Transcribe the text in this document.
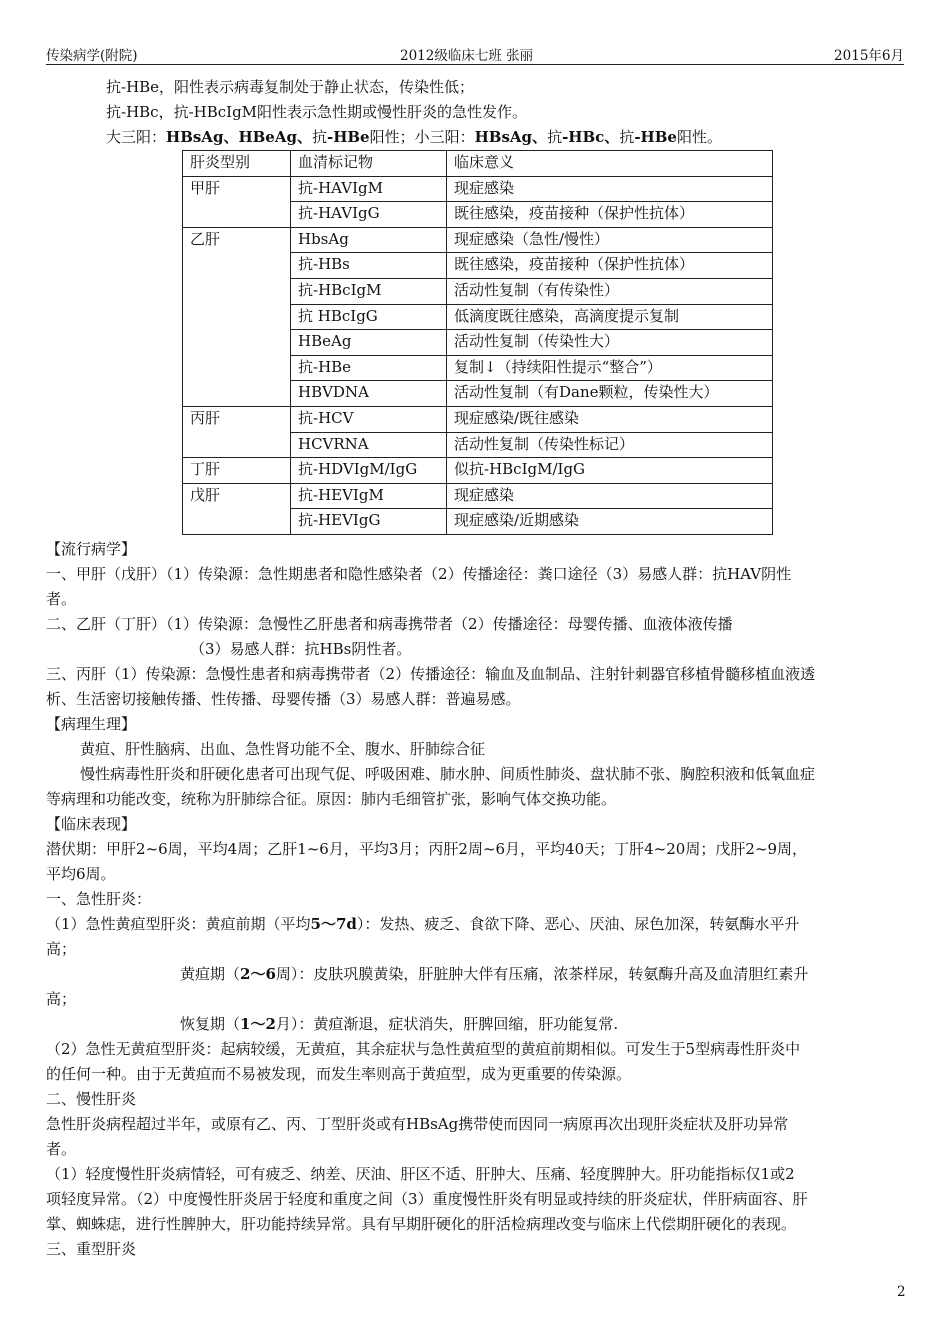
传染病学(附院)	2012级临床七班 张丽	2015年6月
抗-HBe，阳性表示病毒复制处于静止状态，传染性低；
抗-HBc，抗-HBcIgM阳性表示急性期或慢性肝炎的急性发作。
大三阳：HBsAg、HBeAg、抗-HBe阳性；小三阳：HBsAg、抗-HBc、抗-HBe阳性。
肝炎型别	血清标记物	临床意义
甲肝	抗-HAVIgM	现症感染
	抗-HAVIgG	既往感染，疫苗接种（保护性抗体）
乙肝	HbsAg	现症感染（急性/慢性）
	抗-HBs	既往感染，疫苗接种（保护性抗体）
	抗-HBcIgM	活动性复制（有传染性）
	抗 HBcIgG	低滴度既往感染，高滴度提示复制
	HBeAg	活动性复制（传染性大）
	抗-HBe	复制↓（持续阳性提示“整合”）
	HBVDNA	活动性复制（有Dane颗粒，传染性大）
丙肝	抗-HCV	现症感染/既往感染
	HCVRNA	活动性复制（传染性标记）
丁肝	抗-HDVIgM/IgG	似抗-HBcIgM/IgG
戊肝	抗-HEVIgM	现症感染
	抗-HEVIgG	现症感染/近期感染
【流行病学】
一、甲肝（戊肝）（1）传染源：急性期患者和隐性感染者（2）传播途径：粪口途径（3）易感人群：抗HAV阴性
者。
二、乙肝（丁肝）（1）传染源：急慢性乙肝患者和病毒携带者（2）传播途径：母婴传播、血液体液传播
（3）易感人群：抗HBs阴性者。
三、丙肝（1）传染源：急慢性患者和病毒携带者（2）传播途径：输血及血制品、注射针刺器官移植骨髓移植血液透
析、生活密切接触传播、性传播、母婴传播（3）易感人群：普遍易感。
【病理生理】
黄疸、肝性脑病、出血、急性肾功能不全、腹水、肝肺综合征
慢性病毒性肝炎和肝硬化患者可出现气促、呼吸困难、肺水肿、间质性肺炎、盘状肺不张、胸腔积液和低氧血症
等病理和功能改变，统称为肝肺综合征。原因：肺内毛细管扩张，影响气体交换功能。
【临床表现】
潜伏期：甲肝2~6周，平均4周；乙肝1~6月，平均3月；丙肝2周~6月，平均40天；丁肝4~20周；戊肝2~9周，
平均6周。
一、急性肝炎：
（1）急性黄疸型肝炎：黄疸前期（平均5～7d）：发热、疲乏、食欲下降、恶心、厌油、尿色加深，转氨酶水平升
高；
黄疸期（2～6周）：皮肤巩膜黄染，肝脏肿大伴有压痛，浓茶样尿，转氨酶升高及血清胆红素升
高；
恢复期（1～2月）：黄疸渐退，症状消失，肝脾回缩，肝功能复常.
（2）急性无黄疸型肝炎：起病较缓，无黄疸，其余症状与急性黄疸型的黄疸前期相似。可发生于5型病毒性肝炎中
的任何一种。由于无黄疸而不易被发现，而发生率则高于黄疸型，成为更重要的传染源。
二、慢性肝炎
急性肝炎病程超过半年，或原有乙、丙、丁型肝炎或有HBsAg携带使而因同一病原再次出现肝炎症状及肝功异常
者。
（1）轻度慢性肝炎病情轻，可有疲乏、纳差、厌油、肝区不适、肝肿大、压痛、轻度脾肿大。肝功能指标仅1或2
项轻度异常。（2）中度慢性肝炎居于轻度和重度之间（3）重度慢性肝炎有明显或持续的肝炎症状，伴肝病面容、肝
掌、蜘蛛痣，进行性脾肿大，肝功能持续异常。具有早期肝硬化的肝活检病理改变与临床上代偿期肝硬化的表现。
三、重型肝炎
2
